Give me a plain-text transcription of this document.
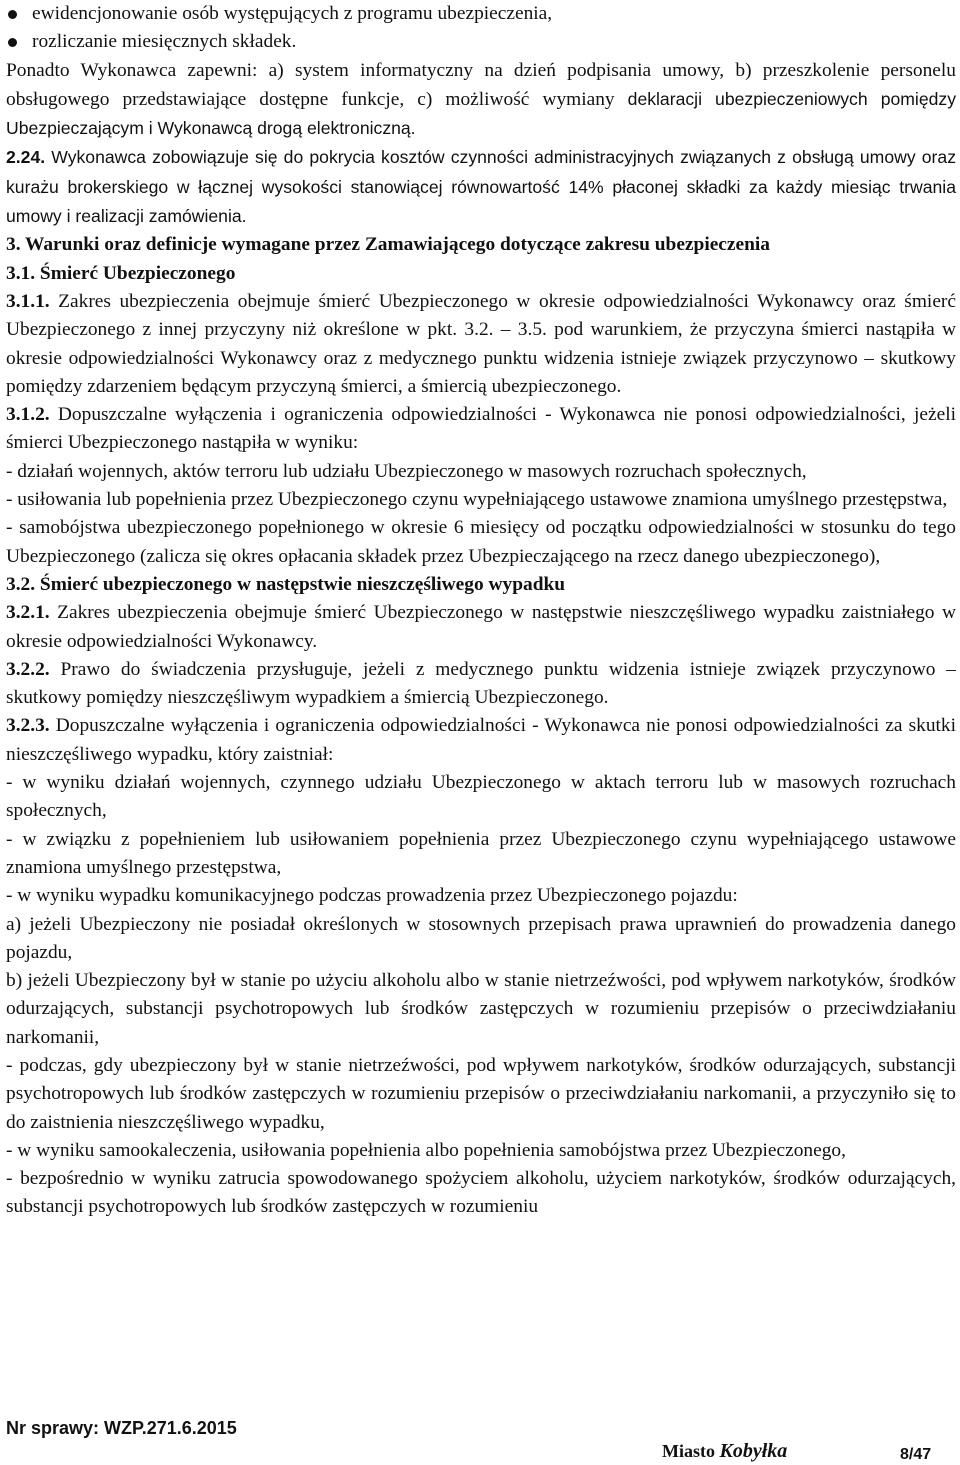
ewidencjonowanie osób występujących z programu ubezpieczenia,
rozliczanie miesięcznych składek.

Ponadto Wykonawca zapewni: a) system informatyczny na dzień podpisania umowy, b) przeszkolenie personelu obsługowego przedstawiające dostępne funkcje, c) możliwość wymiany deklaracji ubezpieczeniowych pomiędzy Ubezpieczającym i Wykonawcą drogą elektroniczną.

2.24. Wykonawca zobowiązuje się do pokrycia kosztów czynności administracyjnych związanych z obsługą umowy oraz kurażu brokerskiego w łącznej wysokości stanowiącej równowartość 14% płaconej składki za każdy miesiąc trwania umowy i realizacji zamówienia.

3. Warunki oraz definicje wymagane przez Zamawiającego dotyczące zakresu ubezpieczenia

3.1. Śmierć Ubezpieczonego

3.1.1. Zakres ubezpieczenia obejmuje śmierć Ubezpieczonego w okresie odpowiedzialności Wykonawcy oraz śmierć Ubezpieczonego z innej przyczyny niż określone w pkt. 3.2. – 3.5. pod warunkiem, że przyczyna śmierci nastąpiła w okresie odpowiedzialności Wykonawcy oraz z medycznego punktu widzenia istnieje związek przyczynowo – skutkowy pomiędzy zdarzeniem będącym przyczyną śmierci, a śmiercią ubezpieczonego.

3.1.2. Dopuszczalne wyłączenia i ograniczenia odpowiedzialności - Wykonawca nie ponosi odpowiedzialności, jeżeli śmierci Ubezpieczonego nastąpiła w wyniku:

- działań wojennych, aktów terroru lub udziału Ubezpieczonego w masowych rozruchach społecznych,

- usiłowania lub popełnienia przez Ubezpieczonego czynu wypełniającego ustawowe znamiona umyślnego przestępstwa,

- samobójstwa ubezpieczonego popełnionego w okresie 6 miesięcy od początku odpowiedzialności w stosunku do tego Ubezpieczonego (zalicza się okres opłacania składek przez Ubezpieczającego na rzecz danego ubezpieczonego),

3.2. Śmierć ubezpieczonego w następstwie nieszczęśliwego wypadku

3.2.1. Zakres ubezpieczenia obejmuje śmierć Ubezpieczonego w następstwie nieszczęśliwego wypadku zaistniałego w okresie odpowiedzialności Wykonawcy.

3.2.2. Prawo do świadczenia przysługuje, jeżeli z medycznego punktu widzenia istnieje związek przyczynowo – skutkowy pomiędzy nieszczęśliwym wypadkiem a śmiercią Ubezpieczonego.

3.2.3. Dopuszczalne wyłączenia i ograniczenia odpowiedzialności - Wykonawca nie ponosi odpowiedzialności za skutki nieszczęśliwego wypadku, który zaistniał:

- w wyniku działań wojennych, czynnego udziału Ubezpieczonego w aktach terroru lub w masowych rozruchach społecznych,

- w związku z popełnieniem lub usiłowaniem popełnienia przez Ubezpieczonego czynu wypełniającego ustawowe znamiona umyślnego przestępstwa,

- w wyniku wypadku komunikacyjnego podczas prowadzenia przez Ubezpieczonego pojazdu:

a) jeżeli Ubezpieczony nie posiadał określonych w stosownych przepisach prawa uprawnień do prowadzenia danego pojazdu,

b) jeżeli Ubezpieczony był w stanie po użyciu alkoholu albo w stanie nietrzeźwości, pod wpływem narkotyków, środków odurzających, substancji psychotropowych lub środków zastępczych w rozumieniu przepisów o przeciwdziałaniu narkomanii,

- podczas, gdy ubezpieczony był w stanie nietrzeźwości, pod wpływem narkotyków, środków odurzających, substancji psychotropowych lub środków zastępczych w rozumieniu przepisów o przeciwdziałaniu narkomanii, a przyczyniło się to do zaistnienia nieszczęśliwego wypadku,

- w wyniku samookaleczenia, usiłowania popełnienia albo popełnienia samobójstwa przez Ubezpieczonego,

- bezpośrednio w wyniku zatrucia spowodowanego spożyciem alkoholu, użyciem narkotyków, środków odurzających, substancji psychotropowych lub środków zastępczych w rozumieniu

Nr sprawy: WZP.271.6.2015
Miasto Kobyłka	8/47
